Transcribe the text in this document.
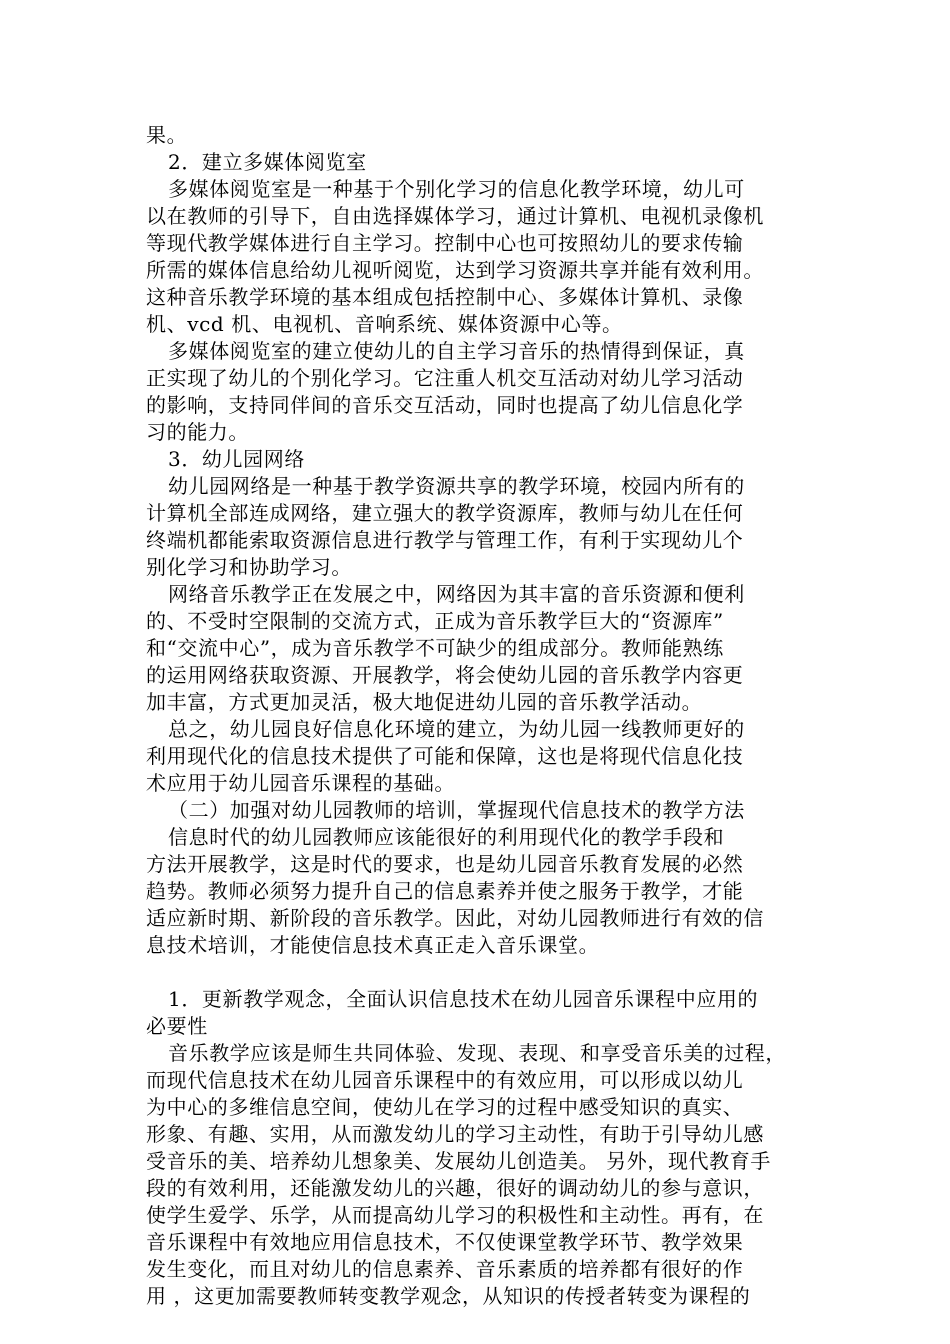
果。
2．建立多媒体阅览室
多媒体阅览室是一种基于个别化学习的信息化教学环境，幼儿可
以在教师的引导下，自由选择媒体学习，通过计算机、电视机录像机
等现代教学媒体进行自主学习。控制中心也可按照幼儿的要求传输
所需的媒体信息给幼儿视听阅览，达到学习资源共享并能有效利用。
这种音乐教学环境的基本组成包括控制中心、多媒体计算机、录像
机、vcd 机、电视机、音响系统、媒体资源中心等。
多媒体阅览室的建立使幼儿的自主学习音乐的热情得到保证，真
正实现了幼儿的个别化学习。它注重人机交互活动对幼儿学习活动
的影响，支持同伴间的音乐交互活动，同时也提高了幼儿信息化学
习的能力。
3．幼儿园网络
幼儿园网络是一种基于教学资源共享的教学环境，校园内所有的
计算机全部连成网络，建立强大的教学资源库，教师与幼儿在任何
终端机都能索取资源信息进行教学与管理工作，有利于实现幼儿个
别化学习和协助学习。
网络音乐教学正在发展之中，网络因为其丰富的音乐资源和便利
的、不受时空限制的交流方式，正成为音乐教学巨大的“资源库”
和“交流中心”，成为音乐教学不可缺少的组成部分。教师能熟练
的运用网络获取资源、开展教学，将会使幼儿园的音乐教学内容更
加丰富，方式更加灵活，极大地促进幼儿园的音乐教学活动。
总之，幼儿园良好信息化环境的建立，为幼儿园一线教师更好的
利用现代化的信息技术提供了可能和保障，这也是将现代信息化技
术应用于幼儿园音乐课程的基础。
（二）加强对幼儿园教师的培训，掌握现代信息技术的教学方法
信息时代的幼儿园教师应该能很好的利用现代化的教学手段和
方法开展教学，这是时代的要求，也是幼儿园音乐教育发展的必然
趋势。教师必须努力提升自己的信息素养并使之服务于教学，才能
适应新时期、新阶段的音乐教学。因此，对幼儿园教师进行有效的信
息技术培训，才能使信息技术真正走入音乐课堂。
1．更新教学观念，全面认识信息技术在幼儿园音乐课程中应用的
必要性
音乐教学应该是师生共同体验、发现、表现、和享受音乐美的过程，
而现代信息技术在幼儿园音乐课程中的有效应用，可以形成以幼儿
为中心的多维信息空间，使幼儿在学习的过程中感受知识的真实、
形象、有趣、实用，从而激发幼儿的学习主动性，有助于引导幼儿感
受音乐的美、培养幼儿想象美、发展幼儿创造美。 另外，现代教育手
段的有效利用，还能激发幼儿的兴趣，很好的调动幼儿的参与意识，
使学生爱学、乐学，从而提高幼儿学习的积极性和主动性。再有，在
音乐课程中有效地应用信息技术，不仅使课堂教学环节、教学效果
发生变化，而且对幼儿的信息素养、音乐素质的培养都有很好的作
用 ，这更加需要教师转变教学观念，从知识的传授者转变为课程的
